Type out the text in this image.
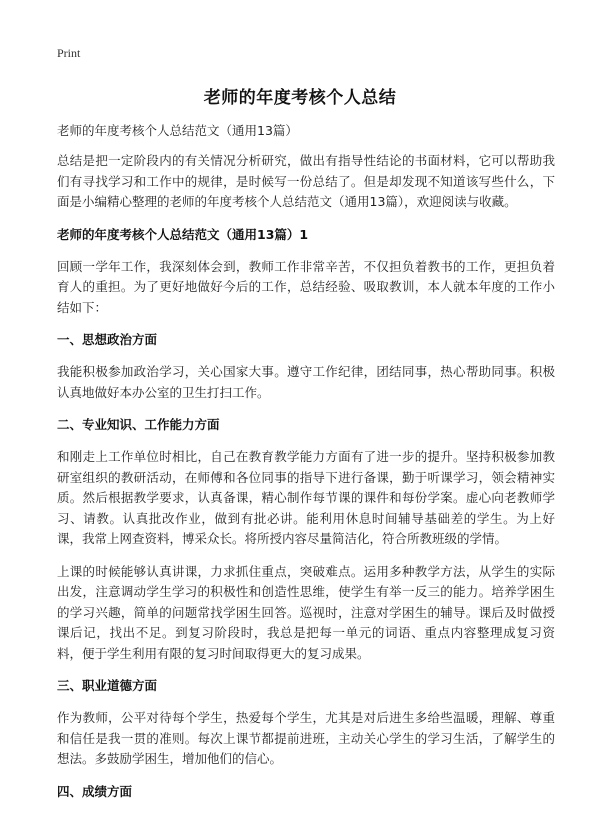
Print
老师的年度考核个人总结
老师的年度考核个人总结范文（通用13篇）

总结是把一定阶段内的有关情况分析研究，做出有指导性结论的书面材料，它可以帮助我们有寻找学习和工作中的规律，是时候写一份总结了。但是却发现不知道该写些什么，下面是小编精心整理的老师的年度考核个人总结范文（通用13篇），欢迎阅读与收藏。

老师的年度考核个人总结范文（通用13篇）1

回顾一学年工作，我深刻体会到，教师工作非常辛苦，不仅担负着教书的工作，更担负着育人的重担。为了更好地做好今后的工作，总结经验、吸取教训，本人就本年度的工作小结如下：

一、思想政治方面

我能积极参加政治学习，关心国家大事。遵守工作纪律，团结同事，热心帮助同事。积极认真地做好本办公室的卫生打扫工作。

二、专业知识、工作能力方面

和刚走上工作单位时相比，自己在教育教学能力方面有了进一步的提升。坚持积极参加教研室组织的教研活动，在师傅和各位同事的指导下进行备课，勤于听课学习，领会精神实质。然后根据教学要求，认真备课，精心制作每节课的课件和每份学案。虚心向老教师学习、请教。认真批改作业，做到有批必讲。能利用休息时间辅导基础差的学生。为上好课，我常上网查资料，博采众长。将所授内容尽量简洁化，符合所教班级的学情。

上课的时候能够认真讲课，力求抓住重点，突破难点。运用多种教学方法，从学生的实际出发，注意调动学生学习的积极性和创造性思维，使学生有举一反三的能力。培养学困生的学习兴趣，简单的问题常找学困生回答。巡视时，注意对学困生的辅导。课后及时做授课后记，找出不足。到复习阶段时，我总是把每一单元的词语、重点内容整理成复习资料，便于学生利用有限的复习时间取得更大的复习成果。

三、职业道德方面

作为教师，公平对待每个学生，热爱每个学生，尤其是对后进生多给些温暖，理解、尊重和信任是我一贯的准则。每次上课节都提前进班，主动关心学生的学习生活，了解学生的想法。多鼓励学困生，增加他们的信心。

四、成绩方面
